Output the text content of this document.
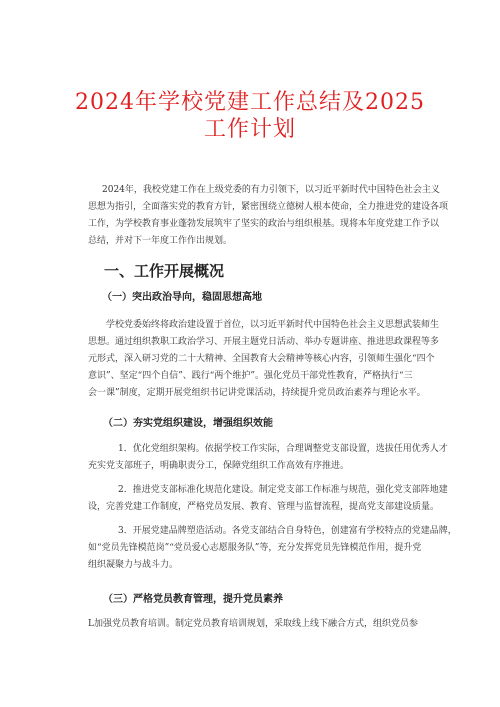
2024年学校党建工作总结及2025
工作计划

2024年，我校党建工作在上级党委的有力引领下，以习近平新时代中国特色社会主义
思想为指引，全面落实党的教育方针，紧密围绕立德树人根本使命，全力推进党的建设各项
工作，为学校教育事业蓬勃发展筑牢了坚实的政治与组织根基。现将本年度党建工作予以
总结，并对下一年度工作作出规划。

一、工作开展概况
（一）突出政治导向，稳固思想高地

学校党委始终将政治建设置于首位，以习近平新时代中国特色社会主义思想武装师生
思想。通过组织教职工政治学习、开展主题党日活动、举办专题讲座、推进思政课程等多
元形式，深入研习党的二十大精神、全国教育大会精神等核心内容，引领师生强化“四个
意识”、坚定“四个自信”、践行“两个维护”。强化党员干部党性教育，严格执行“三
会一课”制度，定期开展党组织书记讲党课活动，持续提升党员政治素养与理论水平。

（二）夯实党组织建设，增强组织效能

1．优化党组织架构。依据学校工作实际，合理调整党支部设置，选拔任用优秀人才
充实党支部班子，明确职责分工，保障党组织工作高效有序推进。

2．推进党支部标准化规范化建设。制定党支部工作标准与规范，强化党支部阵地建
设，完善党建工作制度，严格党员发展、教育、管理与监督流程，提高党支部建设质量。

3．开展党建品牌塑造活动。各党支部结合自身特色，创建富有学校特点的党建品牌，
如“党员先锋模范岗”“党员爱心志愿服务队”等，充分发挥党员先锋模范作用，提升党
组织凝聚力与战斗力。

（三）严格党员教育管理，提升党员素养

L加强党员教育培训。制定党员教育培训规划，采取线上线下融合方式，组织党员参
